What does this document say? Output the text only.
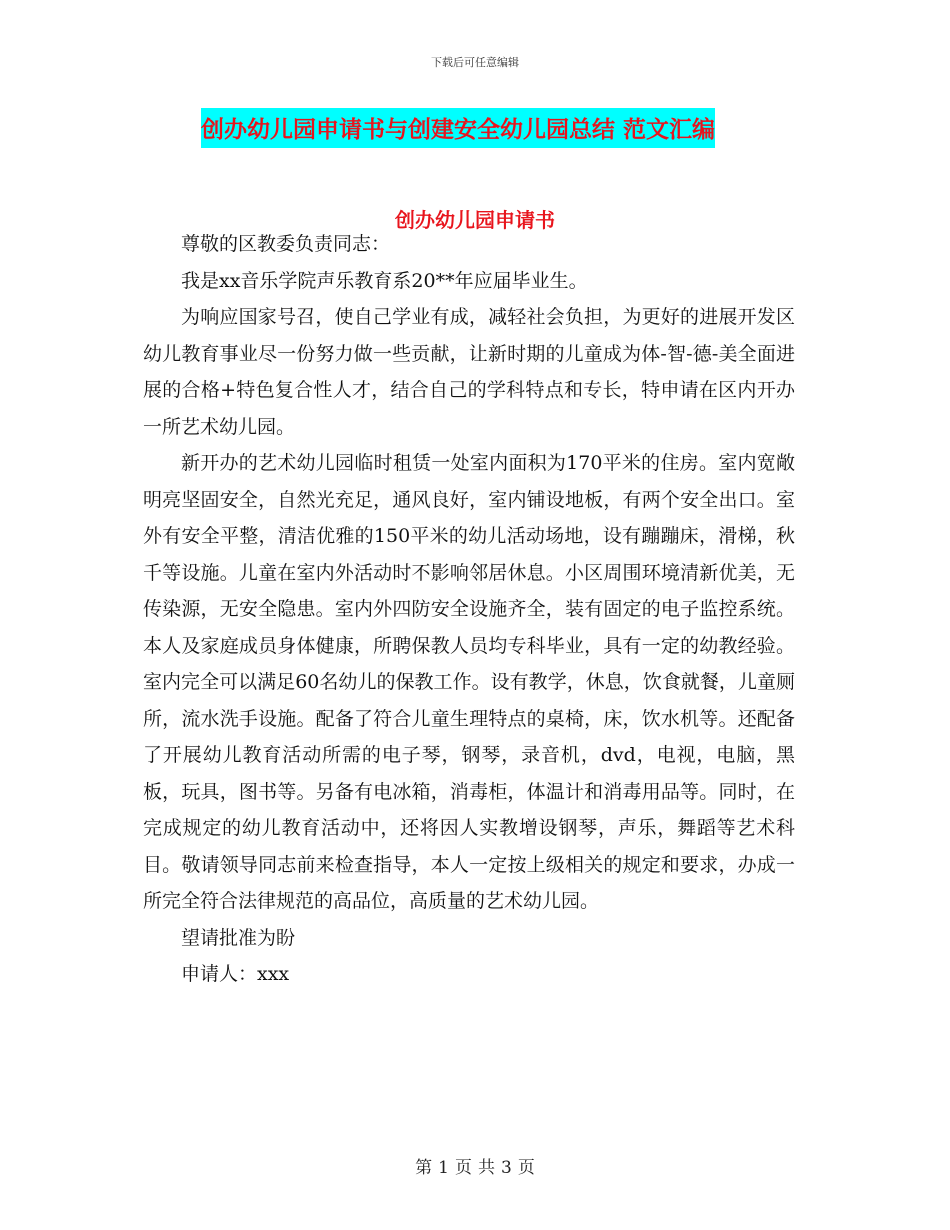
下载后可任意编辑
创办幼儿园申请书与创建安全幼儿园总结 范文汇编
创办幼儿园申请书

尊敬的区教委负责同志：

我是xx音乐学院声乐教育系20**年应届毕业生。

为响应国家号召，使自己学业有成，减轻社会负担，为更好的进展开发区幼儿教育事业尽一份努力做一些贡献，让新时期的儿童成为体-智-德-美全面进展的合格+特色复合性人才，结合自己的学科特点和专长，特申请在区内开办一所艺术幼儿园。

新开办的艺术幼儿园临时租赁一处室内面积为170平米的住房。室内宽敞明亮坚固安全，自然光充足，通风良好，室内铺设地板，有两个安全出口。室外有安全平整，清洁优雅的150平米的幼儿活动场地，设有蹦蹦床，滑梯，秋千等设施。儿童在室内外活动时不影响邻居休息。小区周围环境清新优美，无传染源，无安全隐患。室内外四防安全设施齐全，装有固定的电子监控系统。本人及家庭成员身体健康，所聘保教人员均专科毕业，具有一定的幼教经验。室内完全可以满足60名幼儿的保教工作。设有教学，休息，饮食就餐，儿童厕所，流水洗手设施。配备了符合儿童生理特点的桌椅，床，饮水机等。还配备了开展幼儿教育活动所需的电子琴，钢琴，录音机，dvd，电视，电脑，黑板，玩具，图书等。另备有电冰箱，消毒柜，体温计和消毒用品等。同时，在完成规定的幼儿教育活动中，还将因人实教增设钢琴，声乐，舞蹈等艺术科目。敬请领导同志前来检查指导，本人一定按上级相关的规定和要求，办成一所完全符合法律规范的高品位，高质量的艺术幼儿园。

望请批准为盼

申请人：xxx

第 1 页 共 3 页
